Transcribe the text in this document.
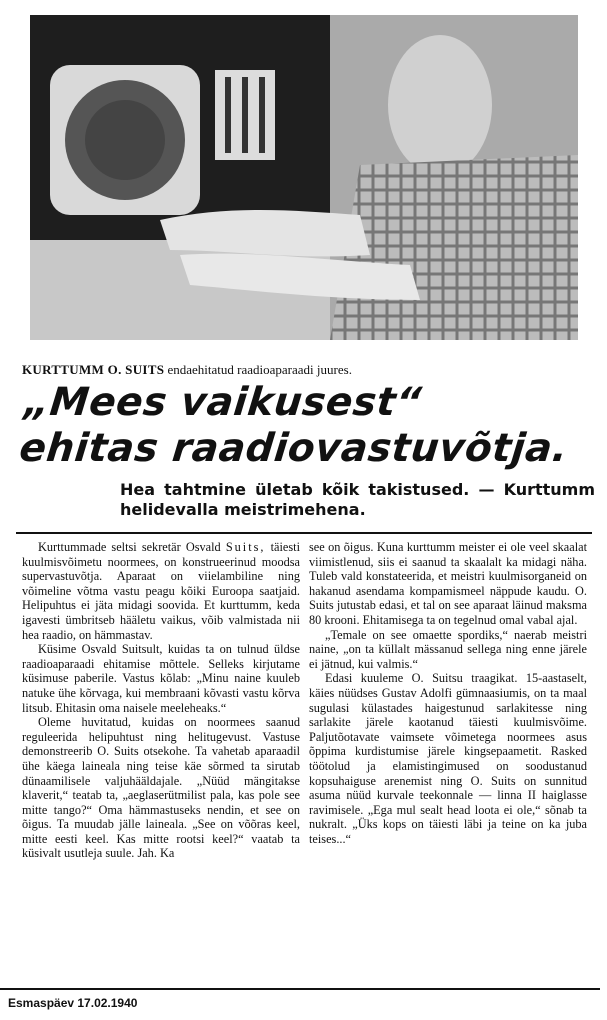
KURTTUMM O. SUITS endaehitatud raadioaparaadi juures.
„Mees vaikusest“
ehitas raadiovastuvõtja.
Hea tahtmine ületab kõik takistused. — Kurttumm helidevalla meistrimehena.

Kurttummade seltsi sekretär Osvald Suits, täiesti kuulmisvõimetu noormees, on konstrueerinud moodsa supervastuvõtja. Aparaat on viielambiline ning võimeline võtma vastu peagu kõiki Euroopa saatjaid. Helipuhtus ei jäta midagi soovida. Et kurttumm, keda igavesti ümbritseb hääletu vaikus, võib valmistada nii hea raadio, on hämmastav.

Küsime Osvald Suitsult, kuidas ta on tulnud üldse raadioaparaadi ehitamise mõttele. Selleks kirjutame küsimuse paberile. Vastus kõlab: „Minu naine kuuleb natuke ühe kõrvaga, kui membraani kõvasti vastu kõrva litsub. Ehitasin oma naisele meeleheaks.“

Oleme huvitatud, kuidas on noormees saanud reguleerida helipuhtust ning helitugevust. Vastuse demonstreerib O. Suits otsekohe. Ta vahetab aparaadil ühe käega laineala ning teise käe sõrmed ta sirutab dünaamilisele valjuhääldajale. „Nüüd mängitakse klaverit,“ teatab ta, „aeglaserütmilist pala, kas pole see mitte tango?“ Oma hämmastuseks nendin, et see on õigus. Ta muudab jälle laineala. „See on võõras keel, mitte eesti keel. Kas mitte rootsi keel?“ vaatab ta küsivalt usutleja suule. Jah. Ka

see on õigus. Kuna kurttumm meister ei ole veel skaalat viimistlenud, siis ei saanud ta skaalalt ka midagi näha. Tuleb vald konstateerida, et meistri kuulmisorganeid on hakanud asendama kompamismeel näppude kaudu. O. Suits jutustab edasi, et tal on see aparaat läinud maksma 80 krooni. Ehitamisega ta on tegelnud omal vabal ajal.

„Temale on see omaette spordiks,“ naerab meistri naine, „on ta küllalt mässanud sellega ning enne järele ei jätnud, kui valmis.“

Edasi kuuleme O. Suitsu traagikat. 15-aastaselt, käies nüüdses Gustav Adolfi gümnaasiumis, on ta maal sugulasi külastades haigestunud sarlakitesse ning sarlakite järele kaotanud täiesti kuulmisvõime. Paljutõotavate vaimsete võimetega noormees asus õppima kurdistumise järele kingsepaametit. Rasked töötolud ja elamistingimused on soodustanud kopsuhaiguse arenemist ning O. Suits on sunnitud asuma nüüd kurvale teekonnale — linna II haiglasse ravimisele. „Ega mul sealt head loota ei ole,“ sõnab ta nukralt. „Üks kops on täiesti läbi ja teine on ka juba teises...“

Esmaspäev 17.02.1940
